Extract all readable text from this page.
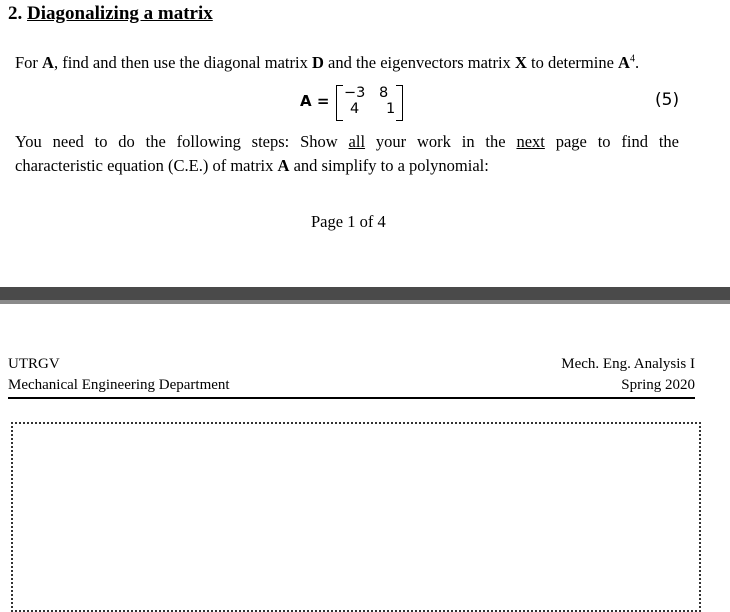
2. Diagonalizing a matrix
For A, find and then use the diagonal matrix D and the eigenvectors matrix X to determine $A^4$.
A = −3 8
4 1	(5)
You need to do the following steps: Show all your work in the next page to find the
characteristic equation (C.E.) of matrix A and simplify to a polynomial:
Page 1 of 4
UTRGV
Mechanical Engineering Department
Mech. Eng. Analysis I
Spring 2020
